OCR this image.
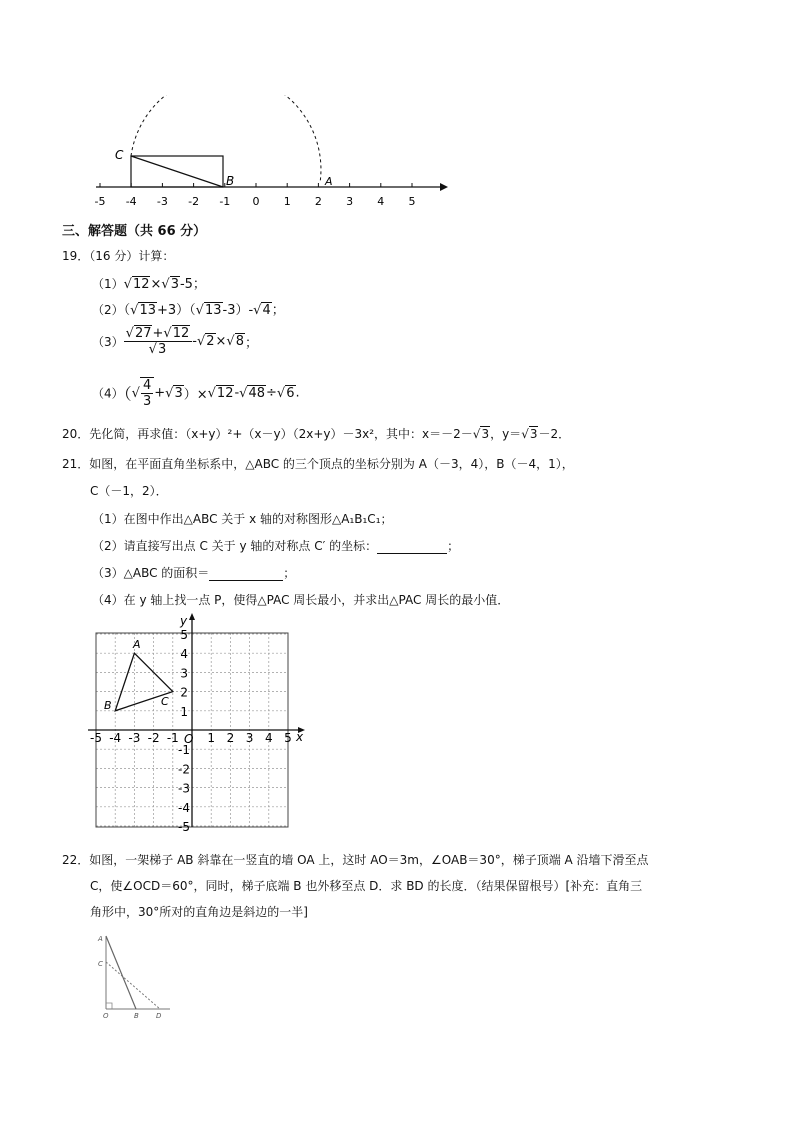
-5 -4 -3 -2 -1 0 1 2 3 4 5
C
B	A
三、解答题（共 66 分）
19．（16 分）计算：
（1）√12×√3-5；
（2）（√13+3）（√13-3）-√4；
$(3) \frac{√27+√12}{√3} -√2\times√8$；
$(4)(√ \frac{4}{3} +√3)\times√12-√48\div√6$.
20．先化简，再求值：（x+y）²+（x－y）（2x+y）－3x²，其中：x＝－2－√3，y＝√3－2．
21．如图，在平面直角坐标系中，△ABC 的三个顶点的坐标分别为 A（－3，4），B（－4，1），
C（－1，2）．
（1）在图中作出△ABC 关于 x 轴的对称图形△A₁B₁C₁；
（2）请直接写出点 C 关于 y 轴的对称点 C′ 的坐标：	；
（3）△ABC 的面积＝	；
（4）在 y 轴上找一点 P，使得△PAC 周长最小，并求出△PAC 周长的最小值．
-5 -4 -3 -2 -1 1 2 3 4 5
1
2
3
4
5
-1
-2
-3
-4
-5
x
y
O
A
B	C
22．如图，一架梯子 AB 斜靠在一竖直的墙 OA 上，这时 AO＝3m，∠OAB＝30°，梯子顶端 A 沿墙下滑至点
C，使∠OCD＝60°，同时，梯子底端 B 也外移至点 D．求 BD 的长度．（结果保留根号）[补充：直角三
角形中，30°所对的直角边是斜边的一半]
A
C
O	B D
